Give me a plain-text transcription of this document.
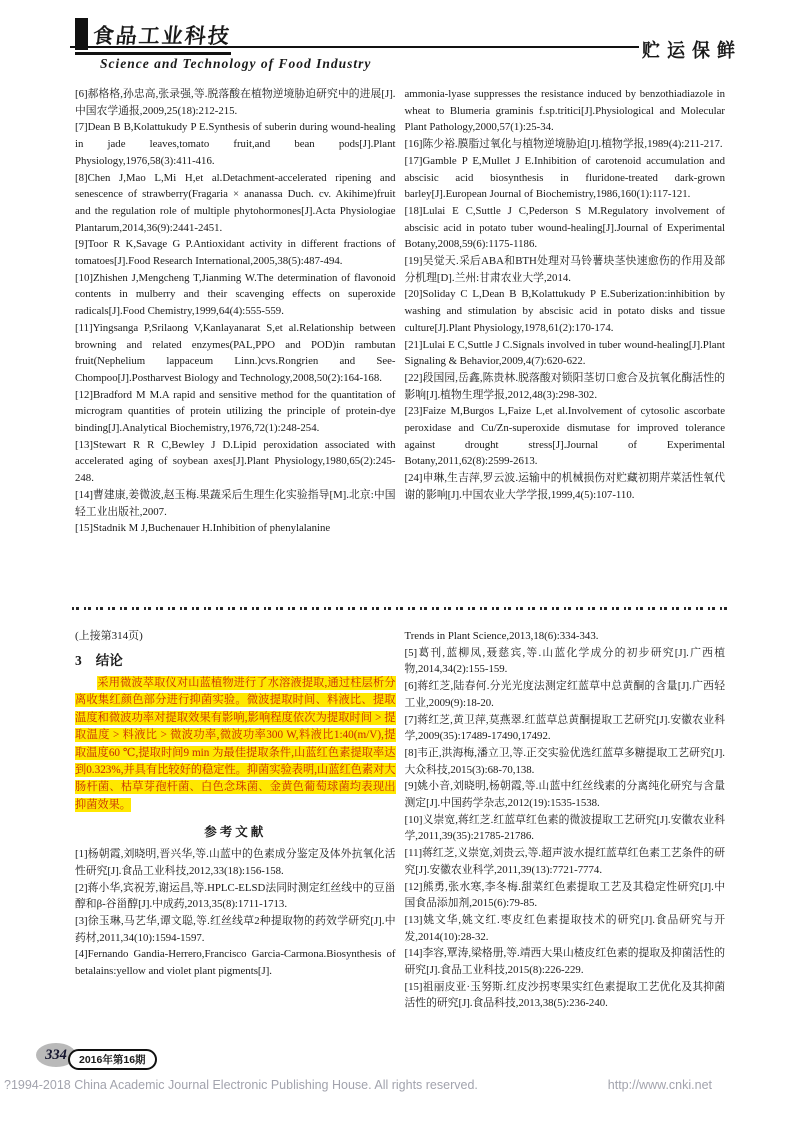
食品工业科技
Science and Technology of Food Industry
贮运保鲜

[6]郝格格,孙忠高,张录强,等.脱落酸在植物逆境胁迫研究中的进展[J].中国农学通报,2009,25(18):212-215.

[7]Dean B B,Kolattukudy P E.Synthesis of suberin during wound-healing in jade leaves,tomato fruit,and bean pods[J].Plant Physiology,1976,58(3):411-416.

[8]Chen J,Mao L,Mi H,et al.Detachment-accelerated ripening and senescence of strawberry(Fragaria × ananassa Duch. cv. Akihime)fruit and the regulation role of multiple phytohormones[J].Acta Physiologiae Plantarum,2014,36(9):2441-2451.

[9]Toor R K,Savage G P.Antioxidant activity in different fractions of tomatoes[J].Food Research International,2005,38(5):487-494.

[10]Zhishen J,Mengcheng T,Jianming W.The determination of flavonoid contents in mulberry and their scavenging effects on superoxide radicals[J].Food Chemistry,1999,64(4):555-559.

[11]Yingsanga P,Srilaong V,Kanlayanarat S,et al.Relationship between browning and related enzymes(PAL,PPO and POD)in rambutan fruit(Nephelium lappaceum Linn.)cvs.Rongrien and See-Chompoo[J].Postharvest Biology and Technology,2008,50(2):164-168.

[12]Bradford M M.A rapid and sensitive method for the quantitation of microgram quantities of protein utilizing the principle of protein-dye binding[J].Analytical Biochemistry,1976,72(1):248-254.

[13]Stewart R R C,Bewley J D.Lipid peroxidation associated with accelerated aging of soybean axes[J].Plant Physiology,1980,65(2):245-248.

[14]曹建康,姜微波,赵玉梅.果蔬采后生理生化实验指导[M].北京:中国轻工业出版社,2007.

[15]Stadnik M J,Buchenauer H.Inhibition of phenylalanine

ammonia-lyase suppresses the resistance induced by benzothiadiazole in wheat to Blumeria graminis f.sp.tritici[J].Physiological and Molecular Plant Pathology,2000,57(1):25-34.

[16]陈少裕.膜脂过氧化与植物逆境胁迫[J].植物学报,1989(4):211-217.

[17]Gamble P E,Mullet J E.Inhibition of carotenoid accumulation and abscisic acid biosynthesis in fluridone-treated dark-grown barley[J].European Journal of Biochemistry,1986,160(1):117-121.

[18]Lulai E C,Suttle J C,Pederson S M.Regulatory involvement of abscisic acid in potato tuber wound-healing[J].Journal of Experimental Botany,2008,59(6):1175-1186.

[19]吴觉天.采后ABA和BTH处理对马铃薯块茎快速愈伤的作用及部分机理[D].兰州:甘肃农业大学,2014.

[20]Soliday C L,Dean B B,Kolattukudy P E.Suberization:inhibition by washing and stimulation by abscisic acid in potato disks and tissue culture[J].Plant Physiology,1978,61(2):170-174.

[21]Lulai E C,Suttle J C.Signals involved in tuber wound-healing[J].Plant Signaling & Behavior,2009,4(7):620-622.

[22]段国园,岳鑫,陈贵林.脱落酸对锁阳茎切口愈合及抗氧化酶活性的影响[J].植物生理学报,2012,48(3):298-302.

[23]Faize M,Burgos L,Faize L,et al.Involvement of cytosolic ascorbate peroxidase and Cu/Zn-superoxide dismutase for improved tolerance against drought stress[J].Journal of Experimental Botany,2011,62(8):2599-2613.

[24]申琳,生吉萍,罗云波.运输中的机械损伤对贮藏初期芹菜活性氧代谢的影响[J].中国农业大学学报,1999,4(5):107-110.

(上接第314页)

3 结论

采用微波萃取仪对山蓝植物进行了水溶液提取,通过柱层析分离收集红颜色部分进行抑菌实验。微波提取时间、料液比、提取温度和微波功率对提取效果有影响,影响程度依次为提取时间 > 提取温度 > 料液比 > 微波功率,微波功率300 W,料液比1:40(m/V),提取温度60 ℃,提取时间9 min 为最佳提取条件,山蓝红色素提取率达到0.323%,并具有比较好的稳定性。抑菌实验表明,山蓝红色素对大肠杆菌、枯草芽孢杆菌、白色念珠菌、金黄色葡萄球菌均表现出抑菌效果。

参考文献

[1]杨朝霞,刘晓明,晋兴华,等.山蓝中的色素成分鉴定及体外抗氧化活性研究[J].食品工业科技,2012,33(18):156-158.

[2]蒋小华,宾祝芳,谢运昌,等.HPLC-ELSD法同时测定红丝线中的豆甾醇和β-谷甾醇[J].中成药,2013,35(8):1711-1713.

[3]徐玉琳,马艺华,谭文聪,等.红丝线草2种提取物的药效学研究[J].中药材,2011,34(10):1594-1597.

[4]Fernando Gandia-Herrero,Francisco Garcia-Carmona.Biosynthesis of betalains:yellow and violet plant pigments[J].

Trends in Plant Science,2013,18(6):334-343.

[5]葛刊,蓝柳凤,聂慈宾,等.山蓝化学成分的初步研究[J].广西植物,2014,34(2):155-159.

[6]蒋红芝,陆春何.分光光度法测定红蓝草中总黄酮的含量[J].广西轻工业,2009(9):18-20.

[7]蒋红芝,黄卫萍,莫燕翠.红蓝草总黄酮提取工艺研究[J].安徽农业科学,2009(35):17489-17490,17492.

[8]韦正,洪海梅,潘立卫,等.正交实验优选红蓝草多糖提取工艺研究[J].大众科技,2015(3):68-70,138.

[9]姚小音,刘晓明,杨朝霞,等.山蓝中红丝线素的分离纯化研究与含量测定[J].中国药学杂志,2012(19):1535-1538.

[10]义崇宽,蒋红芝.红蓝草红色素的微波提取工艺研究[J].安徽农业科学,2011,39(35):21785-21786.

[11]蒋红芝,义崇宽,刘贵云,等.超声波水提红蓝草红色素工艺条件的研究[J].安徽农业科学,2011,39(13):7721-7774.

[12]熊勇,张水寒,李冬梅.甜菜红色素提取工艺及其稳定性研究[J].中国食品添加剂,2015(6):79-85.

[13]姚文华,姚文红.枣皮红色素提取技术的研究[J].食品研究与开发,2014(10):28-32.

[14]李容,覃涛,梁格册,等.靖西大果山楂皮红色素的提取及抑菌活性的研究[J].食品工业科技,2015(8):226-229.

[15]祖丽皮亚·玉努斯.红皮沙拐枣果实红色素提取工艺优化及其抑菌活性的研究[J].食品科技,2013,38(5):236-240.

334	2016年第16期
?1994-2018 China Academic Journal Electronic Publishing House. All rights reserved.	http://www.cnki.net
